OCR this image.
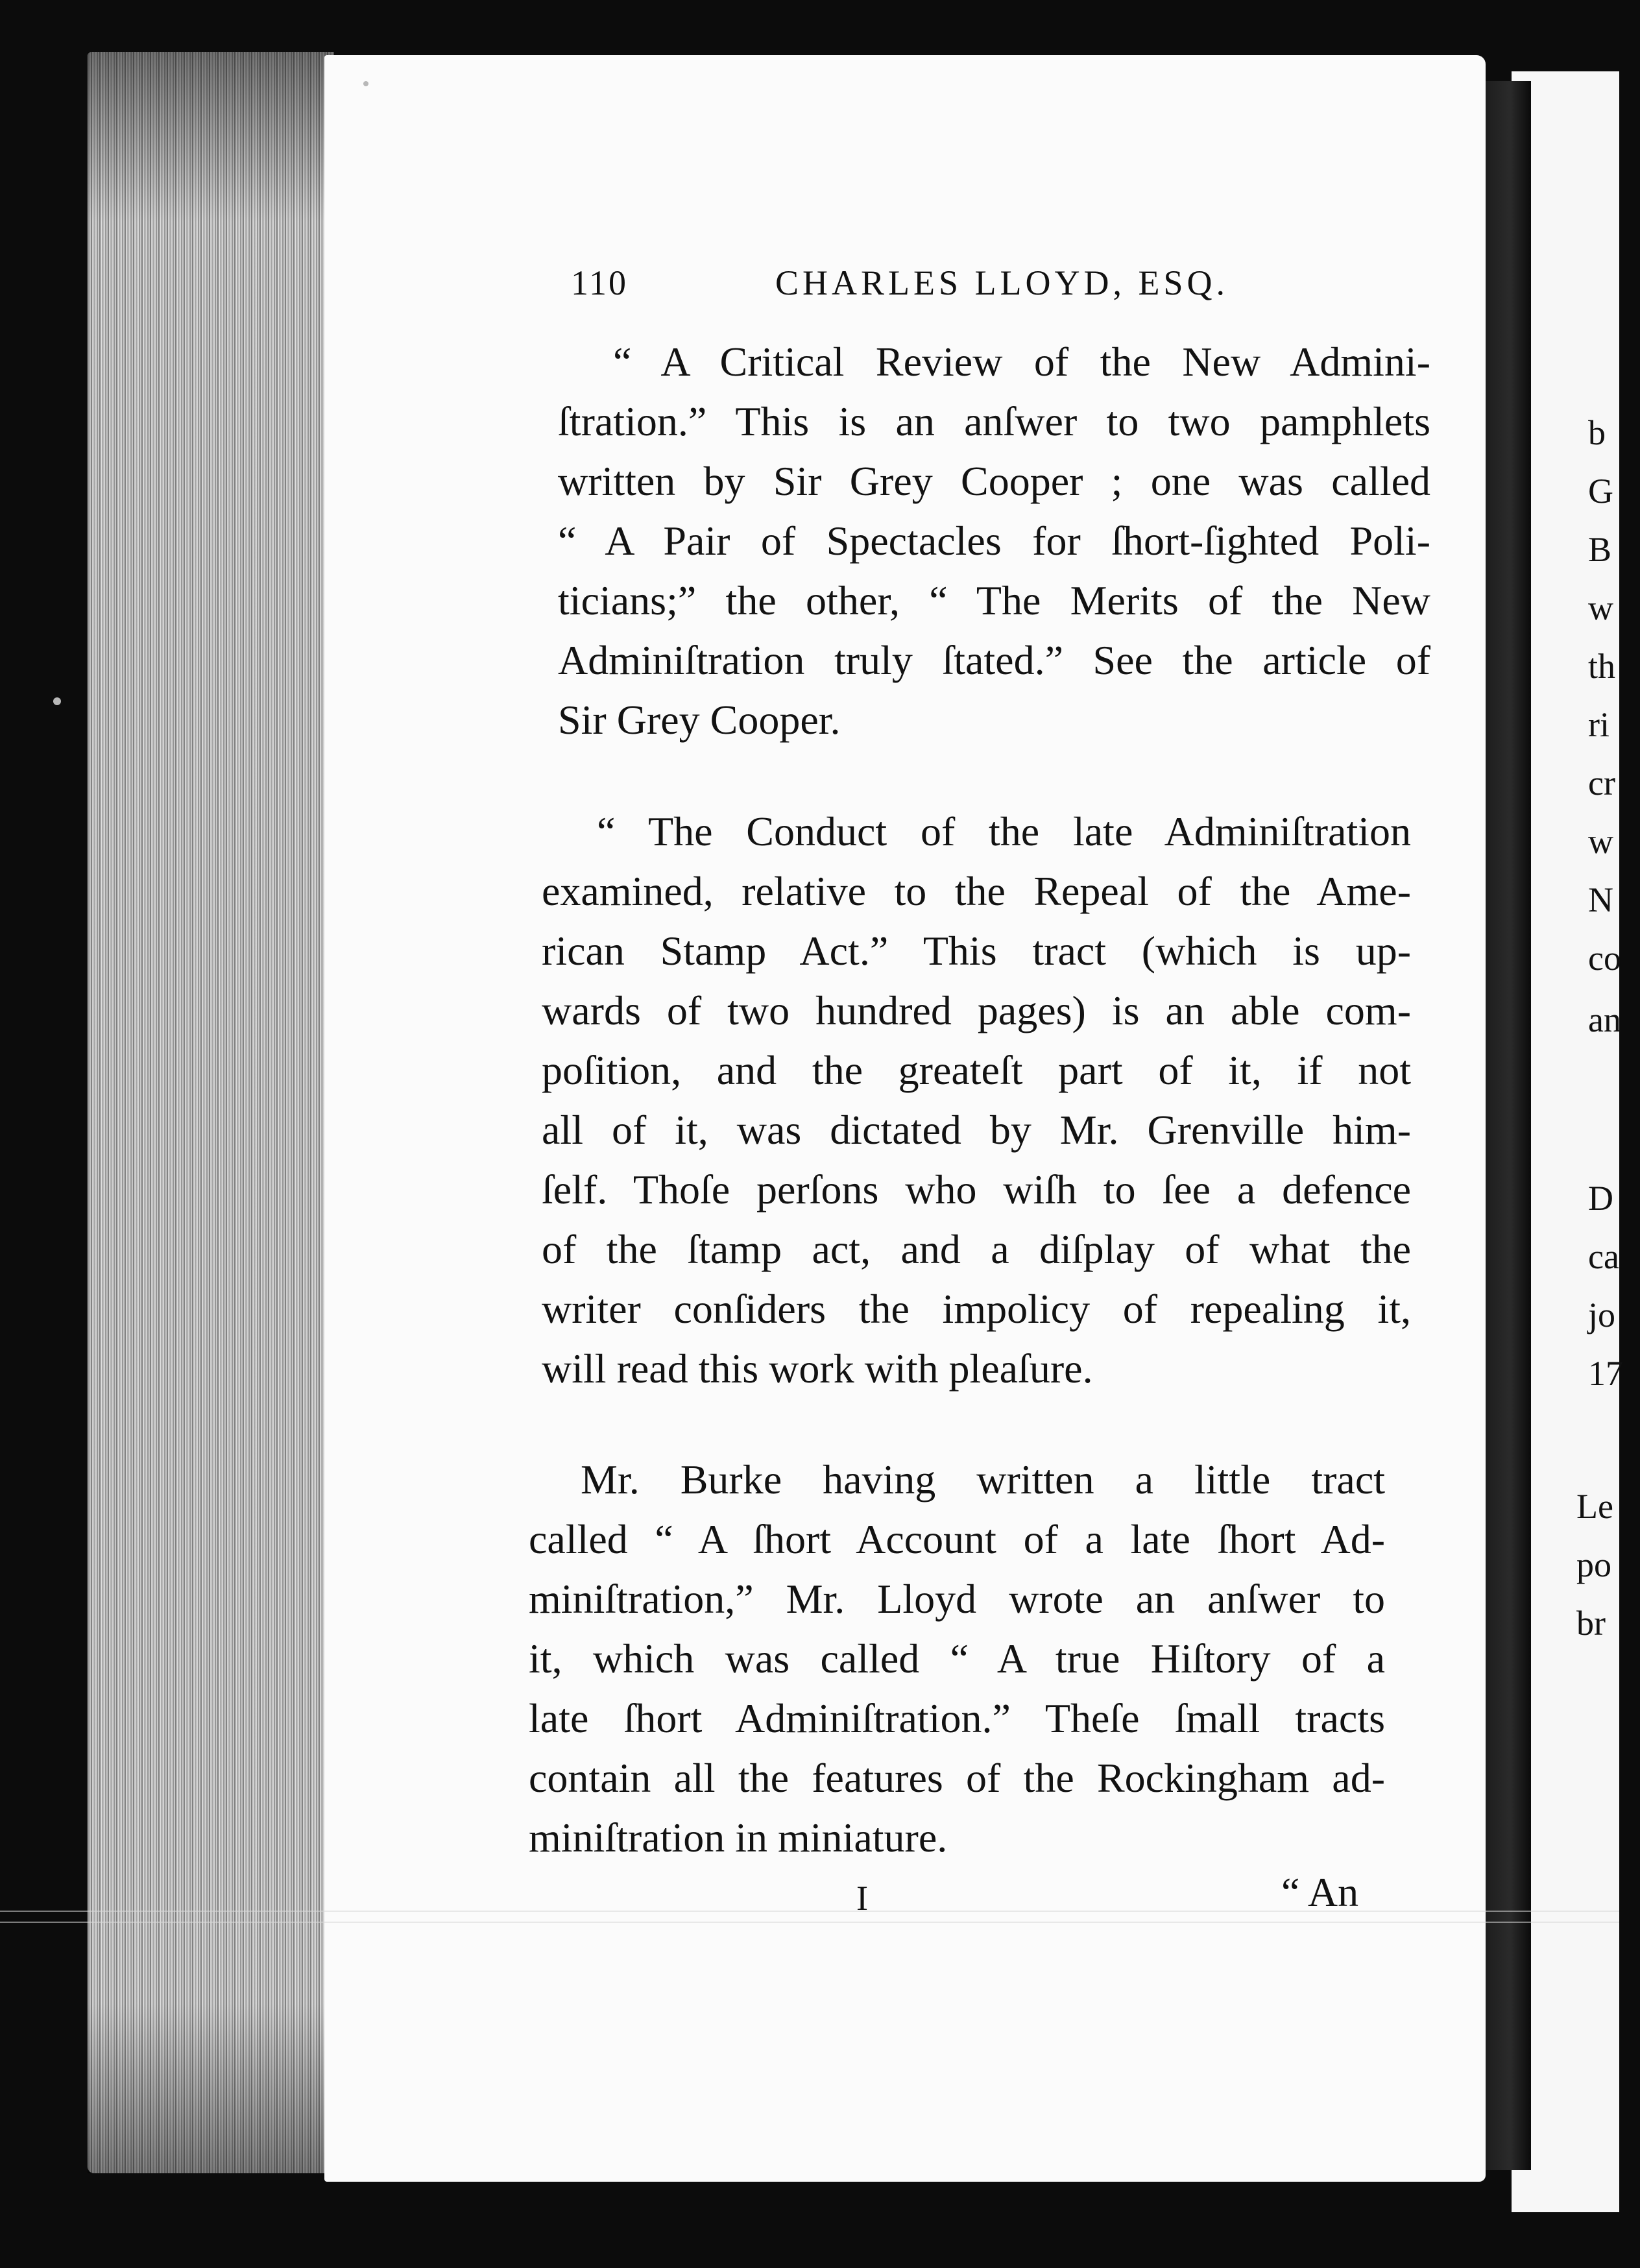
110	CHARLES LLOYD, ESQ.
“ A Critical Review of the New Admini-
ſtration.” This is an anſwer to two pamphlets
written by Sir Grey Cooper ; one was called
“ A Pair of Spectacles for ſhort-ſighted Poli-
ticians;” the other, “ The Merits of the New
Adminiſtration truly ſtated.” See the article of
Sir Grey Cooper.
“ The Conduct of the late Adminiſtration
examined, relative to the Repeal of the Ame-
rican Stamp Act.” This tract (which is up-
wards of two hundred pages) is an able com-
poſition, and the greateſt part of it, if not
all of it, was dictated by Mr. Grenville him-
ſelf. Thoſe perſons who wiſh to ſee a defence
of the ſtamp act, and a diſplay of what the
writer conſiders the impolicy of repealing it,
will read this work with pleaſure.
Mr. Burke having written a little tract
called “ A ſhort Account of a late ſhort Ad-
miniſtration,” Mr. Lloyd wrote an anſwer to
it, which was called “ A true Hiſtory of a
late ſhort Adminiſtration.” Theſe ſmall tracts
contain all the features of the Rockingham ad-
miniſtration in miniature.
I	“ An
b
G
B
w
th
ri
cr
w
N
co
an
D
ca
jo
17
Le
po
br
